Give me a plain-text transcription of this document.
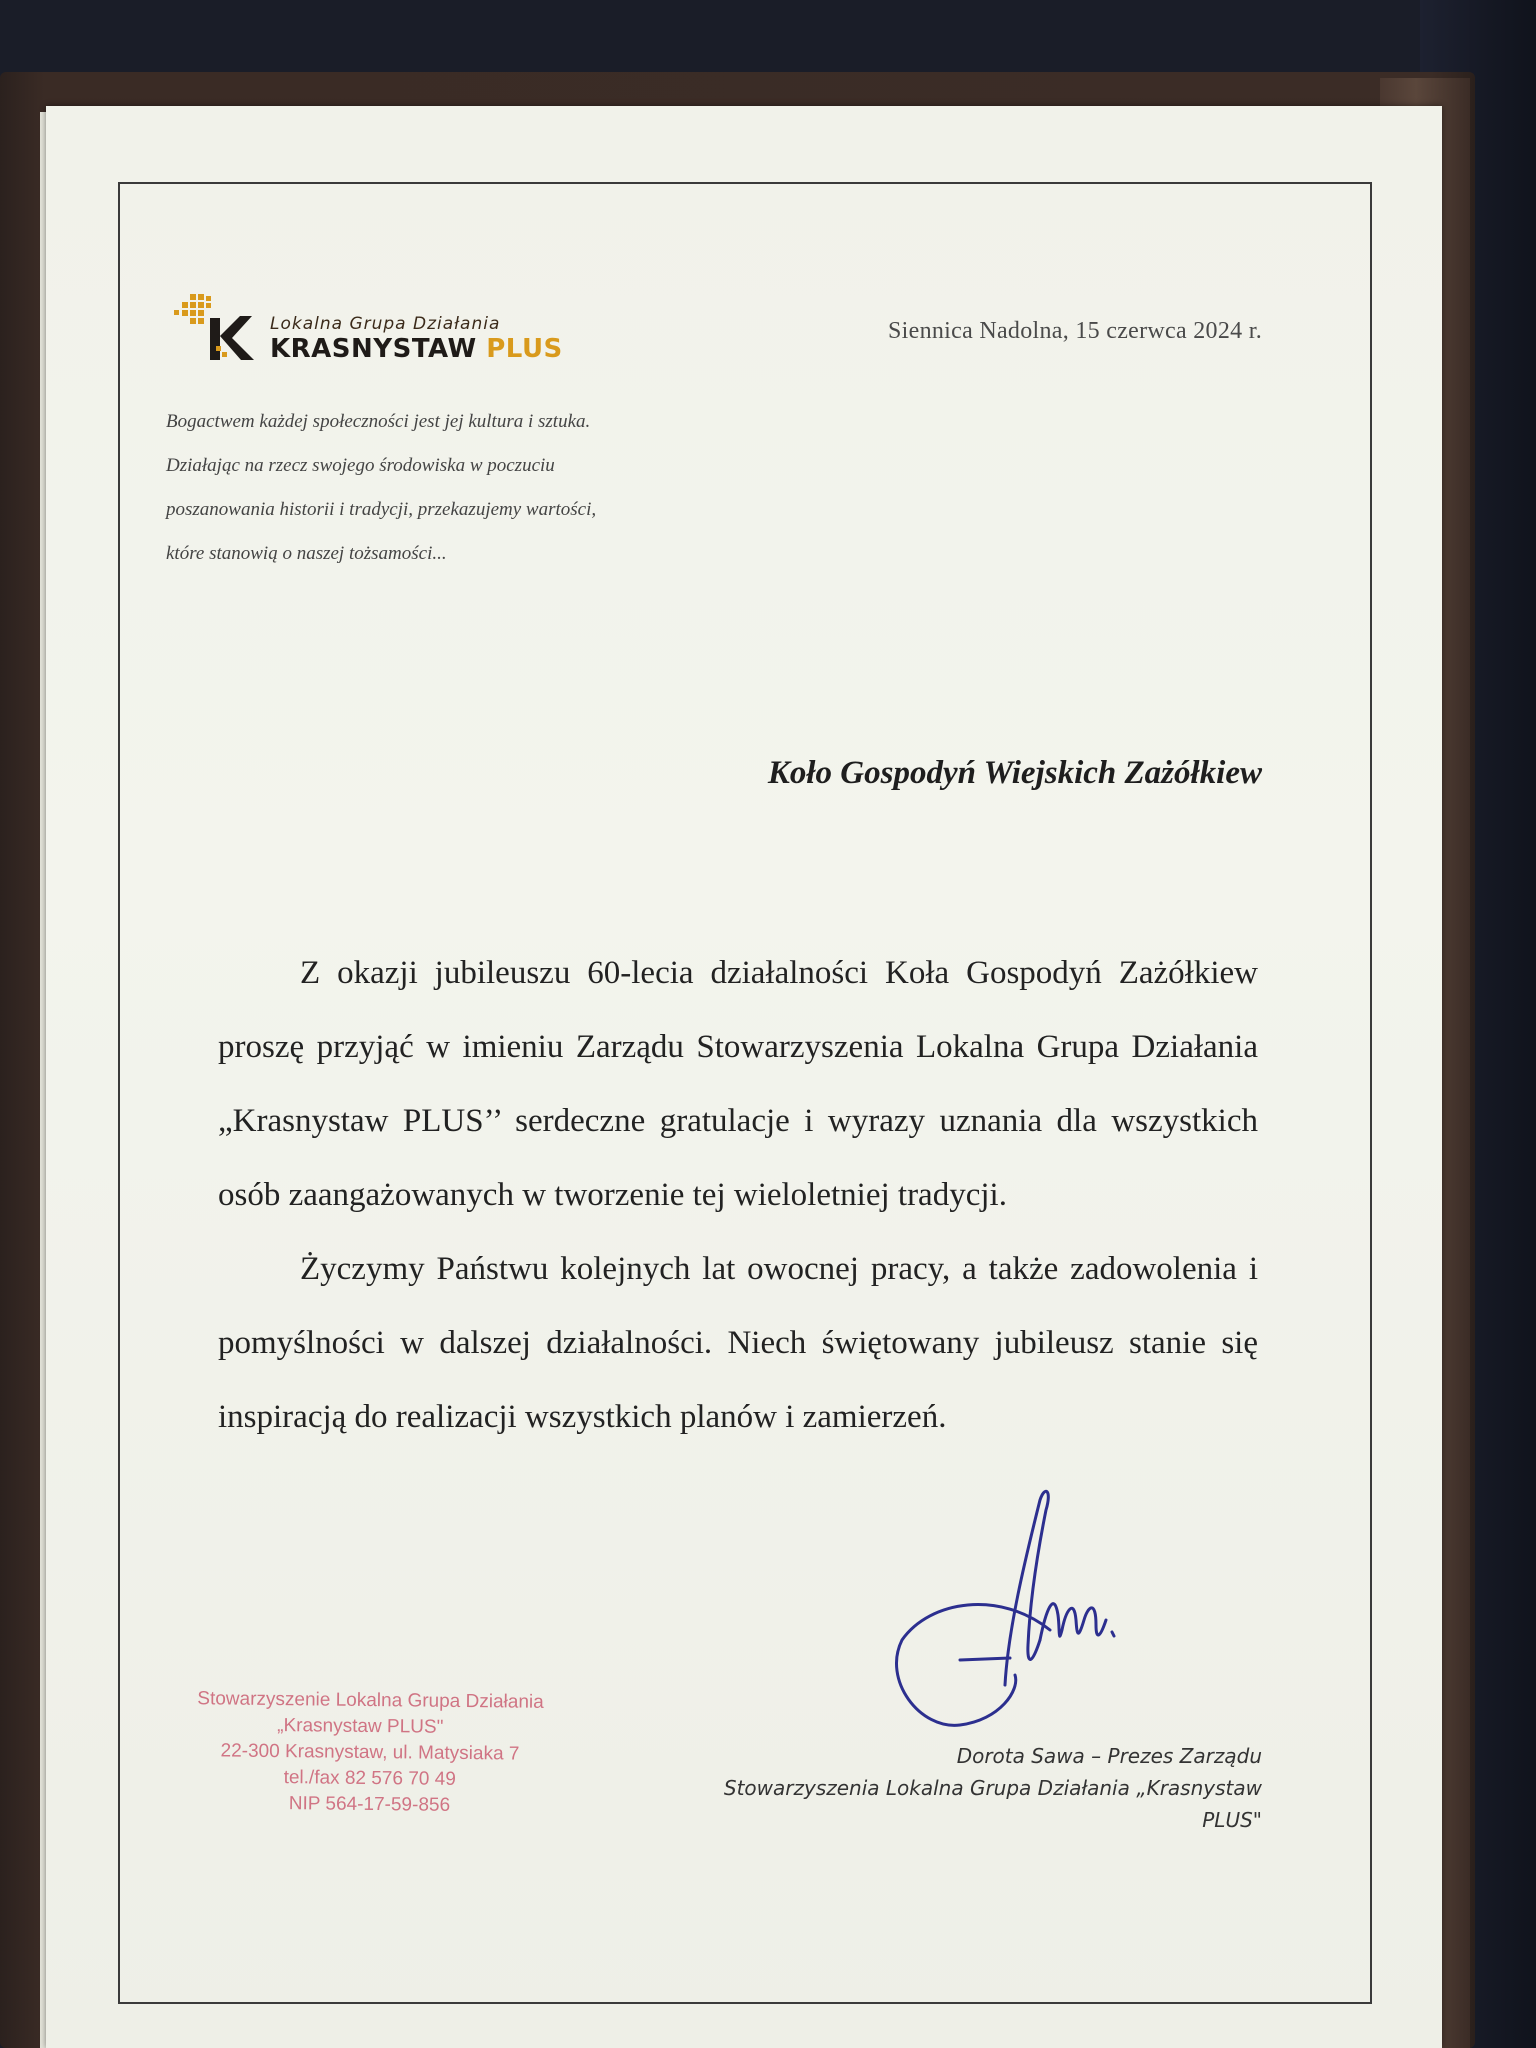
Lokalna Grupa Działania
KRASNYSTAW PLUS
Siennica Nadolna, 15 czerwca 2024 r.
Bogactwem każdej społeczności jest jej kultura i sztuka.
Działając na rzecz swojego środowiska w poczuciu
poszanowania historii i tradycji, przekazujemy wartości,
które stanowią o naszej tożsamości...
Koło Gospodyń Wiejskich Zażółkiew

Z okazji jubileuszu 60-lecia działalności Koła Gospodyń Zażółkiew proszę przyjąć w imieniu Zarządu Stowarzyszenia Lokalna Grupa Działania „Krasnystaw PLUS’’ serdeczne gratulacje i wyrazy uznania dla wszystkich osób zaangażowanych w tworzenie tej wieloletniej tradycji.

Życzymy Państwu kolejnych lat owocnej pracy, a także zadowolenia i pomyślności w dalszej działalności. Niech świętowany jubileusz stanie się inspiracją do realizacji wszystkich planów i zamierzeń.

Stowarzyszenie Lokalna Grupa Działania
„Krasnystaw PLUS"
22-300 Krasnystaw, ul. Matysiaka 7
tel./fax 82 576 70 49
NIP 564-17-59-856
Dorota Sawa – Prezes Zarządu
Stowarzyszenia Lokalna Grupa Działania „Krasnystaw
PLUS"
